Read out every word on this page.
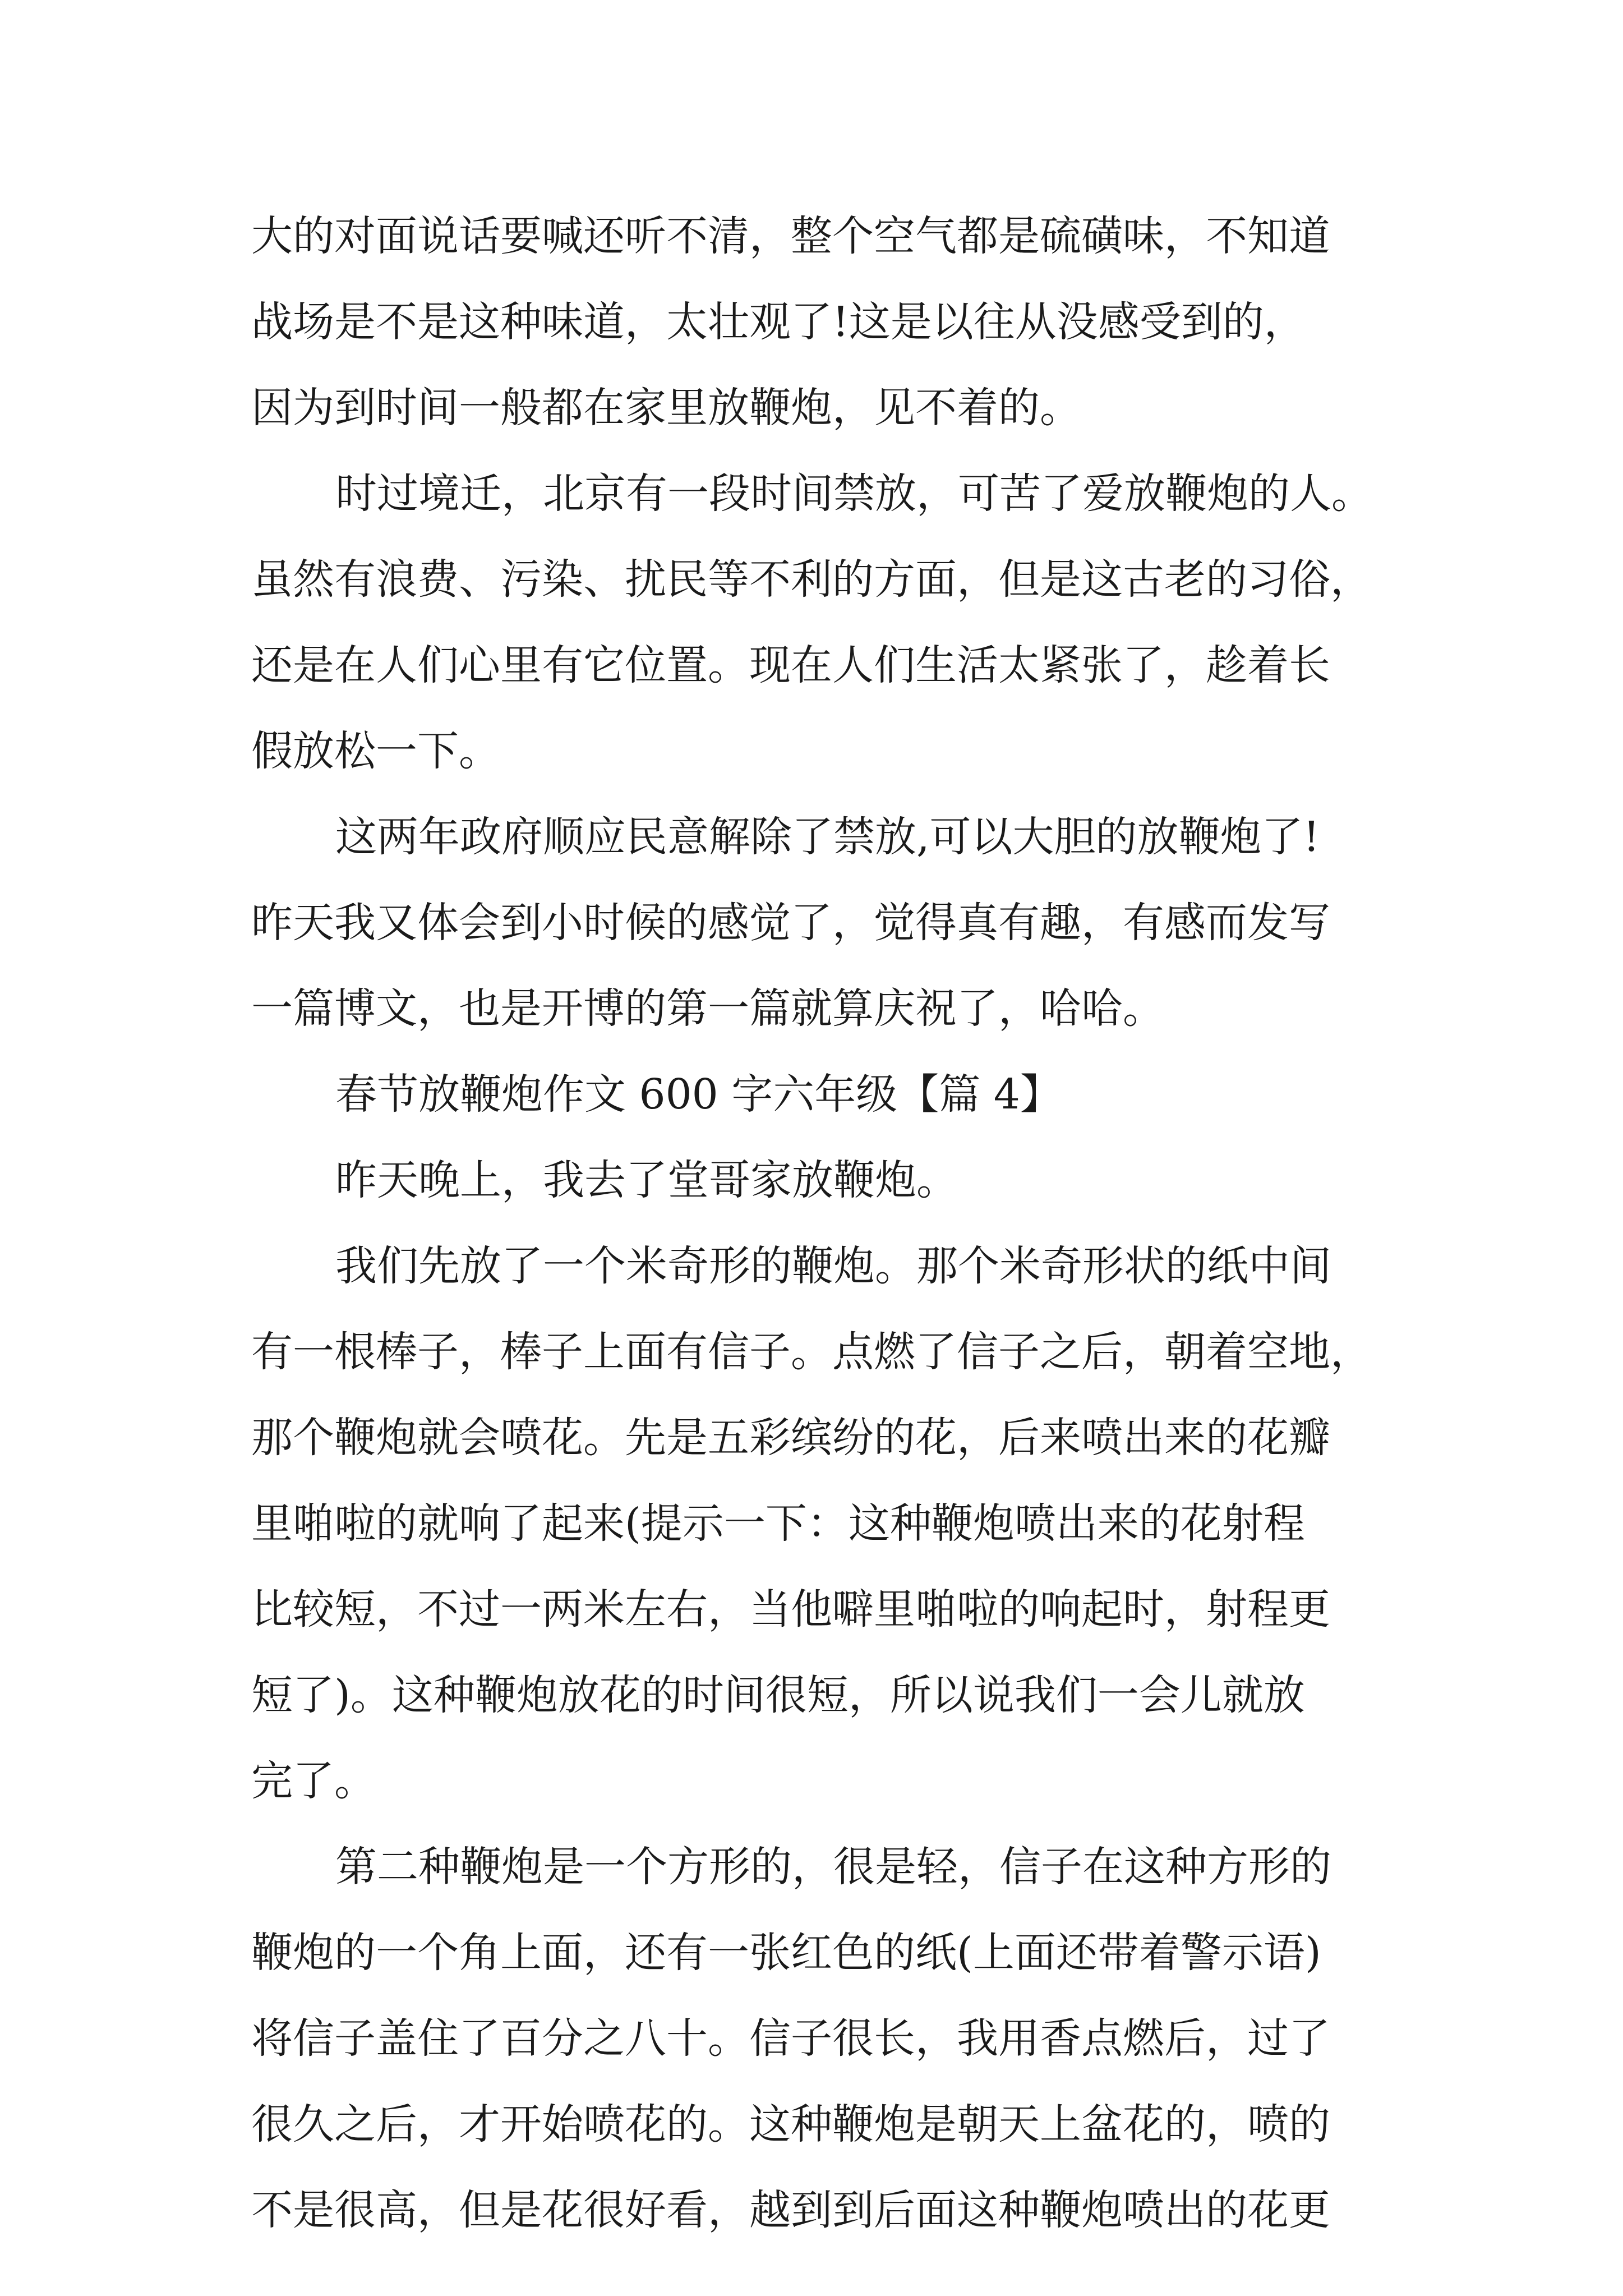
大的对面说话要喊还听不清，整个空气都是硫磺味，不知道
战场是不是这种味道，太壮观了!这是以往从没感受到的，
因为到时间一般都在家里放鞭炮，见不着的。
时过境迁，北京有一段时间禁放，可苦了爱放鞭炮的人。
虽然有浪费、污染、扰民等不利的方面，但是这古老的习俗，
还是在人们心里有它位置。现在人们生活太紧张了，趁着长
假放松一下。
这两年政府顺应民意解除了禁放,可以大胆的放鞭炮了!
昨天我又体会到小时候的感觉了，觉得真有趣，有感而发写
一篇博文，也是开博的第一篇就算庆祝了，哈哈。
春节放鞭炮作文 600 字六年级【篇 4】
昨天晚上，我去了堂哥家放鞭炮。
我们先放了一个米奇形的鞭炮。那个米奇形状的纸中间
有一根棒子，棒子上面有信子。点燃了信子之后，朝着空地，
那个鞭炮就会喷花。先是五彩缤纷的花，后来喷出来的花瓣
里啪啦的就响了起来(提示一下：这种鞭炮喷出来的花射程
比较短，不过一两米左右，当他噼里啪啦的响起时，射程更
短了)。这种鞭炮放花的时间很短，所以说我们一会儿就放
完了。
第二种鞭炮是一个方形的，很是轻，信子在这种方形的
鞭炮的一个角上面，还有一张红色的纸(上面还带着警示语)
将信子盖住了百分之八十。信子很长，我用香点燃后，过了
很久之后，才开始喷花的。这种鞭炮是朝天上盆花的，喷的
不是很高，但是花很好看，越到到后面这种鞭炮喷出的花更
